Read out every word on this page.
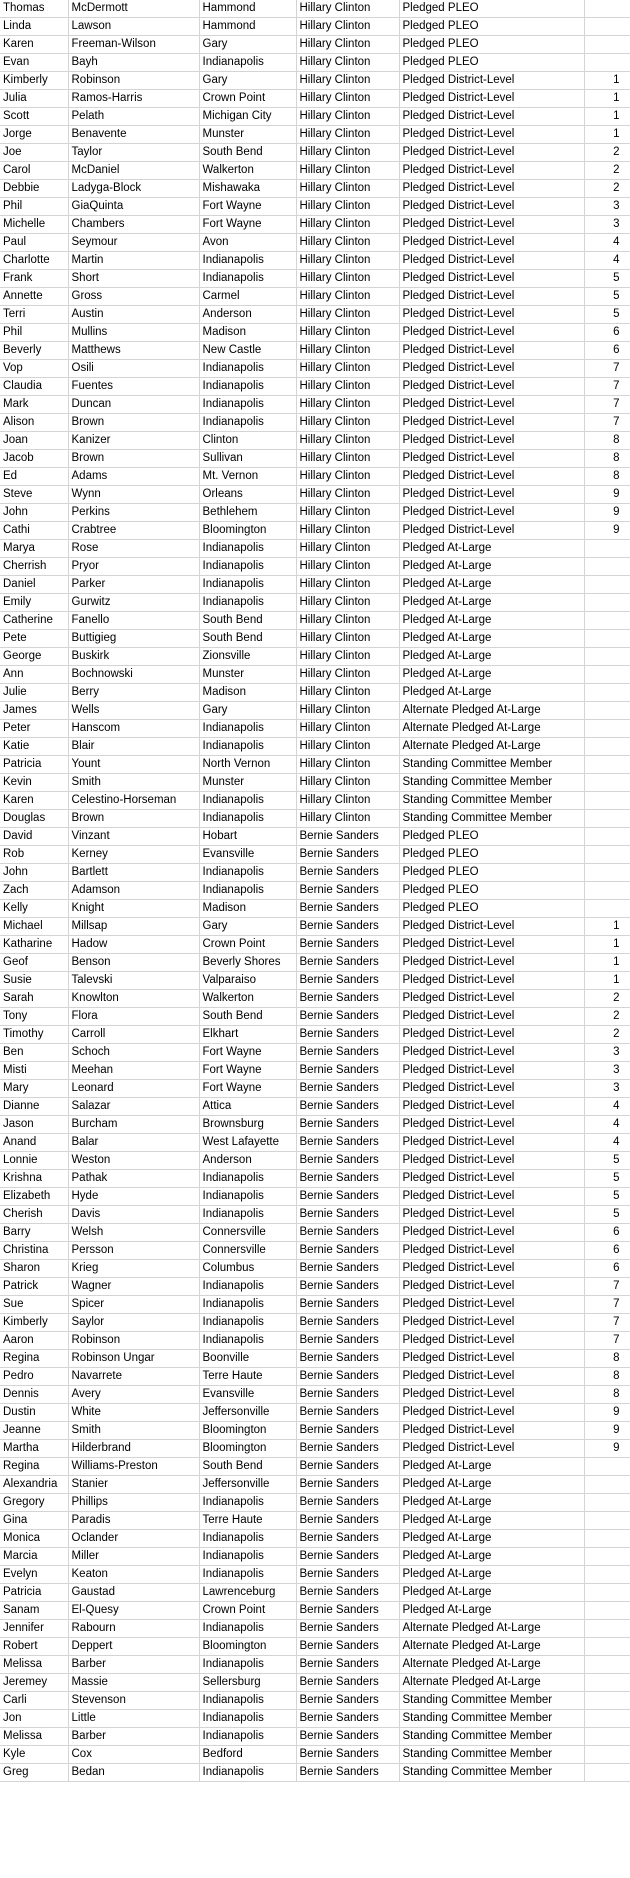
Thomas	McDermott	Hammond	Hillary Clinton	Pledged PLEO	
Linda	Lawson	Hammond	Hillary Clinton	Pledged PLEO	
Karen	Freeman-Wilson	Gary	Hillary Clinton	Pledged PLEO	
Evan	Bayh	Indianapolis	Hillary Clinton	Pledged PLEO	
Kimberly	Robinson	Gary	Hillary Clinton	Pledged District-Level	1
Julia	Ramos-Harris	Crown Point	Hillary Clinton	Pledged District-Level	1
Scott	Pelath	Michigan City	Hillary Clinton	Pledged District-Level	1
Jorge	Benavente	Munster	Hillary Clinton	Pledged District-Level	1
Joe	Taylor	South Bend	Hillary Clinton	Pledged District-Level	2
Carol	McDaniel	Walkerton	Hillary Clinton	Pledged District-Level	2
Debbie	Ladyga-Block	Mishawaka	Hillary Clinton	Pledged District-Level	2
Phil	GiaQuinta	Fort Wayne	Hillary Clinton	Pledged District-Level	3
Michelle	Chambers	Fort Wayne	Hillary Clinton	Pledged District-Level	3
Paul	Seymour	Avon	Hillary Clinton	Pledged District-Level	4
Charlotte	Martin	Indianapolis	Hillary Clinton	Pledged District-Level	4
Frank	Short	Indianapolis	Hillary Clinton	Pledged District-Level	5
Annette	Gross	Carmel	Hillary Clinton	Pledged District-Level	5
Terri	Austin	Anderson	Hillary Clinton	Pledged District-Level	5
Phil	Mullins	Madison	Hillary Clinton	Pledged District-Level	6
Beverly	Matthews	New Castle	Hillary Clinton	Pledged District-Level	6
Vop	Osili	Indianapolis	Hillary Clinton	Pledged District-Level	7
Claudia	Fuentes	Indianapolis	Hillary Clinton	Pledged District-Level	7
Mark	Duncan	Indianapolis	Hillary Clinton	Pledged District-Level	7
Alison	Brown	Indianapolis	Hillary Clinton	Pledged District-Level	7
Joan	Kanizer	Clinton	Hillary Clinton	Pledged District-Level	8
Jacob	Brown	Sullivan	Hillary Clinton	Pledged District-Level	8
Ed	Adams	Mt. Vernon	Hillary Clinton	Pledged District-Level	8
Steve	Wynn	Orleans	Hillary Clinton	Pledged District-Level	9
John	Perkins	Bethlehem	Hillary Clinton	Pledged District-Level	9
Cathi	Crabtree	Bloomington	Hillary Clinton	Pledged District-Level	9
Marya	Rose	Indianapolis	Hillary Clinton	Pledged At-Large	
Cherrish	Pryor	Indianapolis	Hillary Clinton	Pledged At-Large	
Daniel	Parker	Indianapolis	Hillary Clinton	Pledged At-Large	
Emily	Gurwitz	Indianapolis	Hillary Clinton	Pledged At-Large	
Catherine	Fanello	South Bend	Hillary Clinton	Pledged At-Large	
Pete	Buttigieg	South Bend	Hillary Clinton	Pledged At-Large	
George	Buskirk	Zionsville	Hillary Clinton	Pledged At-Large	
Ann	Bochnowski	Munster	Hillary Clinton	Pledged At-Large	
Julie	Berry	Madison	Hillary Clinton	Pledged At-Large	
James	Wells	Gary	Hillary Clinton	Alternate Pledged At-Large	
Peter	Hanscom	Indianapolis	Hillary Clinton	Alternate Pledged At-Large	
Katie	Blair	Indianapolis	Hillary Clinton	Alternate Pledged At-Large	
Patricia	Yount	North Vernon	Hillary Clinton	Standing Committee Member	
Kevin	Smith	Munster	Hillary Clinton	Standing Committee Member	
Karen	Celestino-Horseman	Indianapolis	Hillary Clinton	Standing Committee Member	
Douglas	Brown	Indianapolis	Hillary Clinton	Standing Committee Member	
David	Vinzant	Hobart	Bernie Sanders	Pledged PLEO	
Rob	Kerney	Evansville	Bernie Sanders	Pledged PLEO	
John	Bartlett	Indianapolis	Bernie Sanders	Pledged PLEO	
Zach	Adamson	Indianapolis	Bernie Sanders	Pledged PLEO	
Kelly	Knight	Madison	Bernie Sanders	Pledged PLEO	
Michael	Millsap	Gary	Bernie Sanders	Pledged District-Level	1
Katharine	Hadow	Crown Point	Bernie Sanders	Pledged District-Level	1
Geof	Benson	Beverly Shores	Bernie Sanders	Pledged District-Level	1
Susie	Talevski	Valparaiso	Bernie Sanders	Pledged District-Level	1
Sarah	Knowlton	Walkerton	Bernie Sanders	Pledged District-Level	2
Tony	Flora	South Bend	Bernie Sanders	Pledged District-Level	2
Timothy	Carroll	Elkhart	Bernie Sanders	Pledged District-Level	2
Ben	Schoch	Fort Wayne	Bernie Sanders	Pledged District-Level	3
Misti	Meehan	Fort Wayne	Bernie Sanders	Pledged District-Level	3
Mary	Leonard	Fort Wayne	Bernie Sanders	Pledged District-Level	3
Dianne	Salazar	Attica	Bernie Sanders	Pledged District-Level	4
Jason	Burcham	Brownsburg	Bernie Sanders	Pledged District-Level	4
Anand	Balar	West Lafayette	Bernie Sanders	Pledged District-Level	4
Lonnie	Weston	Anderson	Bernie Sanders	Pledged District-Level	5
Krishna	Pathak	Indianapolis	Bernie Sanders	Pledged District-Level	5
Elizabeth	Hyde	Indianapolis	Bernie Sanders	Pledged District-Level	5
Cherish	Davis	Indianapolis	Bernie Sanders	Pledged District-Level	5
Barry	Welsh	Connersville	Bernie Sanders	Pledged District-Level	6
Christina	Persson	Connersville	Bernie Sanders	Pledged District-Level	6
Sharon	Krieg	Columbus	Bernie Sanders	Pledged District-Level	6
Patrick	Wagner	Indianapolis	Bernie Sanders	Pledged District-Level	7
Sue	Spicer	Indianapolis	Bernie Sanders	Pledged District-Level	7
Kimberly	Saylor	Indianapolis	Bernie Sanders	Pledged District-Level	7
Aaron	Robinson	Indianapolis	Bernie Sanders	Pledged District-Level	7
Regina	Robinson Ungar	Boonville	Bernie Sanders	Pledged District-Level	8
Pedro	Navarrete	Terre Haute	Bernie Sanders	Pledged District-Level	8
Dennis	Avery	Evansville	Bernie Sanders	Pledged District-Level	8
Dustin	White	Jeffersonville	Bernie Sanders	Pledged District-Level	9
Jeanne	Smith	Bloomington	Bernie Sanders	Pledged District-Level	9
Martha	Hilderbrand	Bloomington	Bernie Sanders	Pledged District-Level	9
Regina	Williams-Preston	South Bend	Bernie Sanders	Pledged At-Large	
Alexandria	Stanier	Jeffersonville	Bernie Sanders	Pledged At-Large	
Gregory	Phillips	Indianapolis	Bernie Sanders	Pledged At-Large	
Gina	Paradis	Terre Haute	Bernie Sanders	Pledged At-Large	
Monica	Oclander	Indianapolis	Bernie Sanders	Pledged At-Large	
Marcia	Miller	Indianapolis	Bernie Sanders	Pledged At-Large	
Evelyn	Keaton	Indianapolis	Bernie Sanders	Pledged At-Large	
Patricia	Gaustad	Lawrenceburg	Bernie Sanders	Pledged At-Large	
Sanam	El-Quesy	Crown Point	Bernie Sanders	Pledged At-Large	
Jennifer	Rabourn	Indianapolis	Bernie Sanders	Alternate Pledged At-Large	
Robert	Deppert	Bloomington	Bernie Sanders	Alternate Pledged At-Large	
Melissa	Barber	Indianapolis	Bernie Sanders	Alternate Pledged At-Large	
Jeremey	Massie	Sellersburg	Bernie Sanders	Alternate Pledged At-Large	
Carli	Stevenson	Indianapolis	Bernie Sanders	Standing Committee Member	
Jon	Little	Indianapolis	Bernie Sanders	Standing Committee Member	
Melissa	Barber	Indianapolis	Bernie Sanders	Standing Committee Member	
Kyle	Cox	Bedford	Bernie Sanders	Standing Committee Member	
Greg	Bedan	Indianapolis	Bernie Sanders	Standing Committee Member	
